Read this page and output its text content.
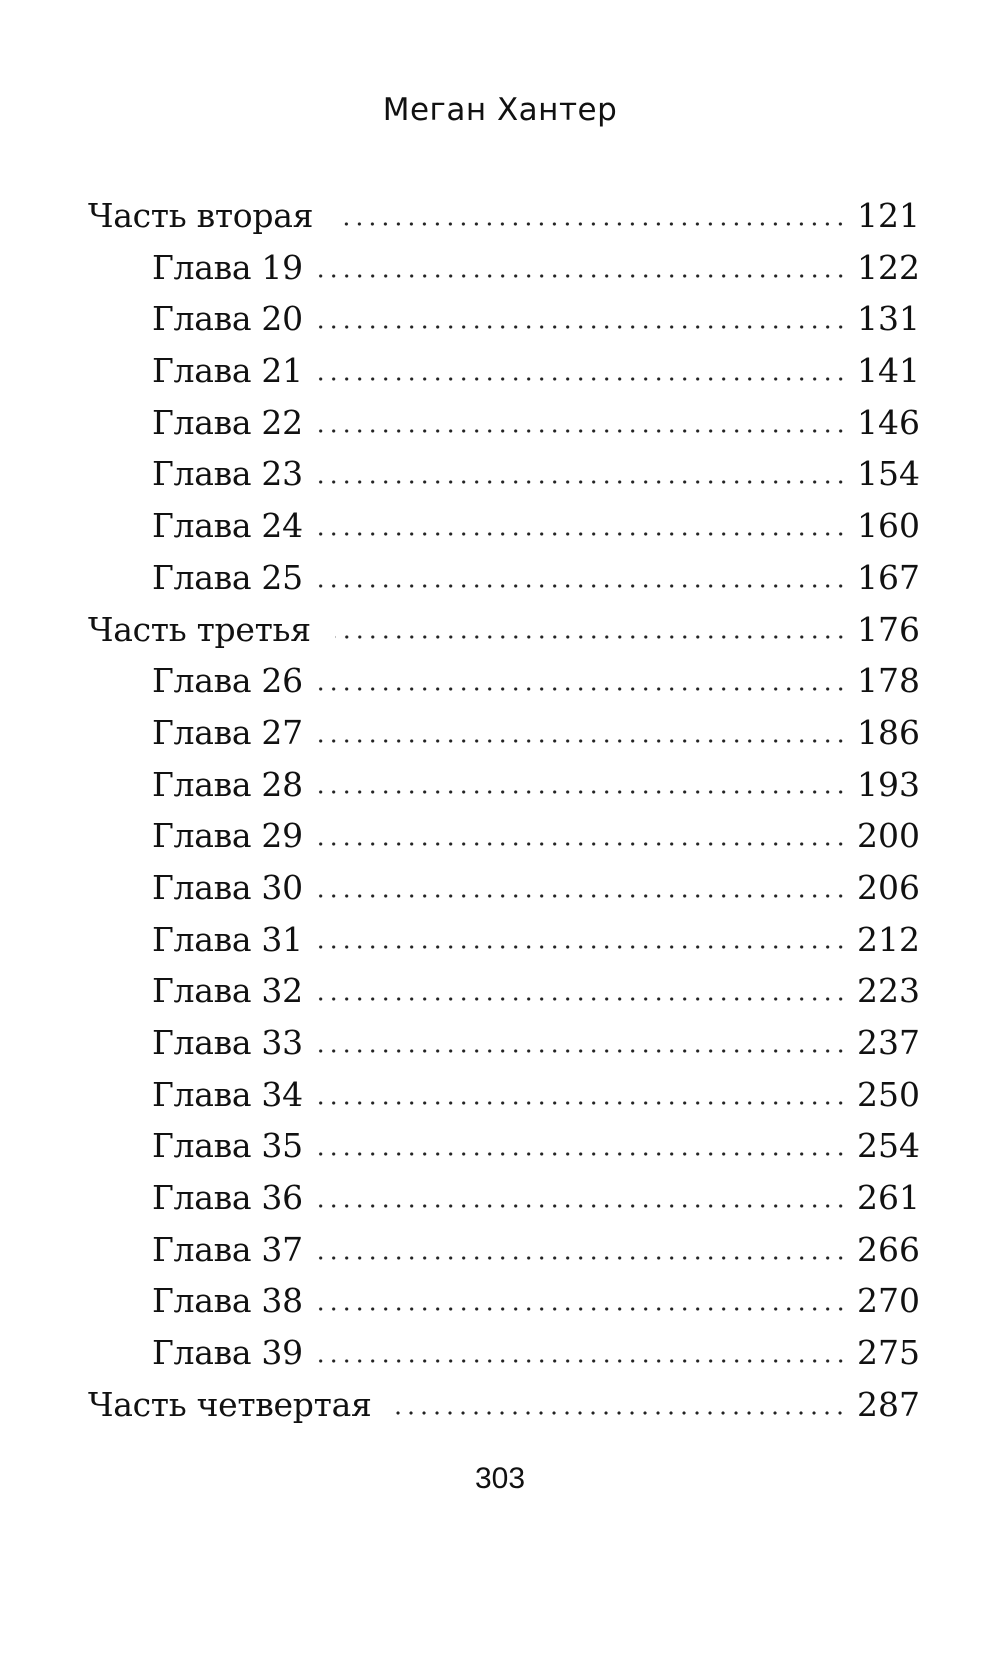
Меган Хантер
Часть вторая	121
Глава 19	122
Глава 20	131
Глава 21	141
Глава 22	146
Глава 23	154
Глава 24	160
Глава 25	167
Часть третья	176
Глава 26	178
Глава 27	186
Глава 28	193
Глава 29	200
Глава 30	206
Глава 31	212
Глава 32	223
Глава 33	237
Глава 34	250
Глава 35	254
Глава 36	261
Глава 37	266
Глава 38	270
Глава 39	275
Часть четвертая	287

303
